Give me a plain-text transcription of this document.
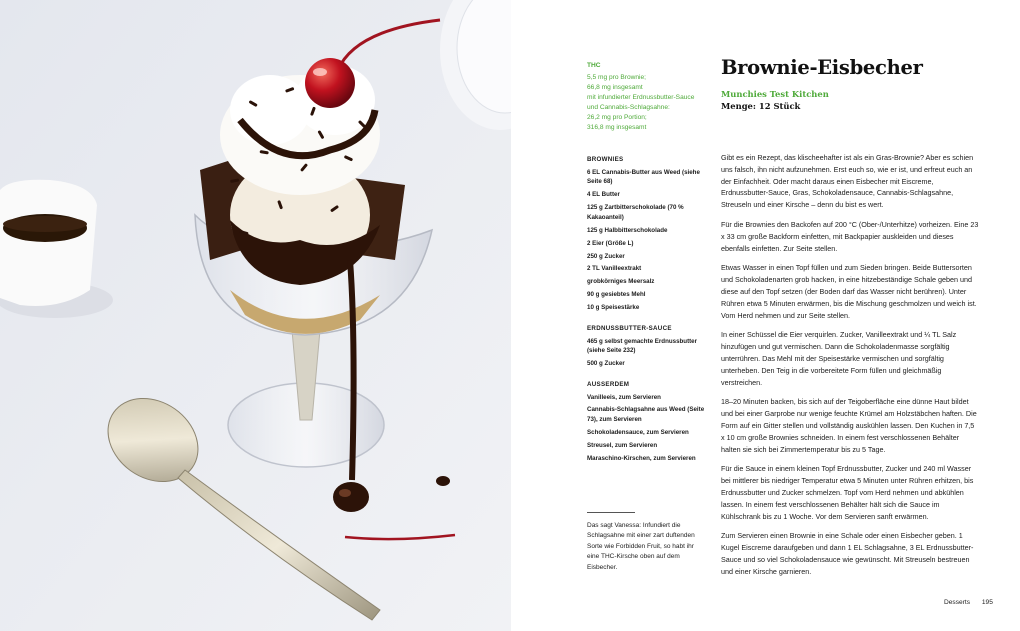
THC
5,5 mg pro Brownie;
66,8 mg insgesamt
mit infundierter Erdnussbutter-Sauce und Cannabis-Schlagsahne:
26,2 mg pro Portion;
316,8 mg insgesamt
Brownie-Eisbecher
Munchies Test Kitchen
Menge: 12 Stück
BROWNIES
6 EL Cannabis-Butter aus Weed (siehe Seite 68)
4 EL Butter
125 g Zartbitterschokolade (70 % Kakaoanteil)
125 g Halbbitterschokolade
2 Eier (Größe L)
250 g Zucker
2 TL Vanilleextrakt
grobkörniges Meersalz
90 g gesiebtes Mehl
10 g Speisestärke
ERDNUSSBUTTER-SAUCE
465 g selbst gemachte Erdnussbutter (siehe Seite 232)
500 g Zucker
AUSSERDEM
Vanilleeis, zum Servieren
Cannabis-Schlagsahne aus Weed (Seite 73), zum Servieren
Schokoladensauce, zum Servieren
Streusel, zum Servieren
Maraschino-Kirschen, zum Servieren
Das sagt Vanessa: Infundiert die Schlagsahne mit einer zart duftenden Sorte wie Forbidden Fruit, so habt ihr eine THC-Kirsche oben auf dem Eisbecher.

Gibt es ein Rezept, das klischeehafter ist als ein Gras-Brownie? Aber es schien uns falsch, ihn nicht aufzunehmen. Erst euch so, wie er ist, und erfreut euch an der Einfachheit. Oder macht daraus einen Eisbecher mit Eiscreme, Erdnussbutter-Sauce, Gras, Schokoladensauce, Cannabis-Schlagsahne, Streuseln und einer Kirsche – denn du bist es wert.

Für die Brownies den Backofen auf 200 °C (Ober-/Unterhitze) vorheizen. Eine 23 x 33 cm große Backform einfetten, mit Backpapier auskleiden und dieses ebenfalls einfetten. Zur Seite stellen.

Etwas Wasser in einen Topf füllen und zum Sieden bringen. Beide Buttersorten und Schokoladenarten grob hacken, in eine hitzebeständige Schale geben und diese auf den Topf setzen (der Boden darf das Wasser nicht berühren). Unter Rühren etwa 5 Minuten erwärmen, bis die Mischung geschmolzen und weich ist. Vom Herd nehmen und zur Seite stellen.

In einer Schüssel die Eier verquirlen. Zucker, Vanilleextrakt und ¼ TL Salz hinzufügen und gut vermischen. Dann die Schokoladenmasse sorgfältig unterrühren. Das Mehl mit der Speisestärke vermischen und sorgfältig unterheben. Den Teig in die vorbereitete Form füllen und gleichmäßig verstreichen.

18–20 Minuten backen, bis sich auf der Teigoberfläche eine dünne Haut bildet und bei einer Garprobe nur wenige feuchte Krümel am Holzstäbchen haften. Die Form auf ein Gitter stellen und vollständig auskühlen lassen. Den Kuchen in 7,5 x 10 cm große Brownies schneiden. In einem fest verschlossenen Behälter halten sie sich bei Zimmertemperatur bis zu 5 Tage.

Für die Sauce in einem kleinen Topf Erdnussbutter, Zucker und 240 ml Wasser bei mittlerer bis niedriger Temperatur etwa 5 Minuten unter Rühren erhitzen, bis Erdnussbutter und Zucker schmelzen. Topf vom Herd nehmen und abkühlen lassen. In einem fest verschlossenen Behälter hält sich die Sauce im Kühlschrank bis zu 1 Woche. Vor dem Servieren sanft erwärmen.

Zum Servieren einen Brownie in eine Schale oder einen Eisbecher geben. 1 Kugel Eiscreme daraufgeben und dann 1 EL Schlagsahne, 3 EL Erdnussbutter-Sauce und so viel Schokoladensauce wie gewünscht. Mit Streuseln bestreuen und einer Kirsche garnieren.

Desserts 195
